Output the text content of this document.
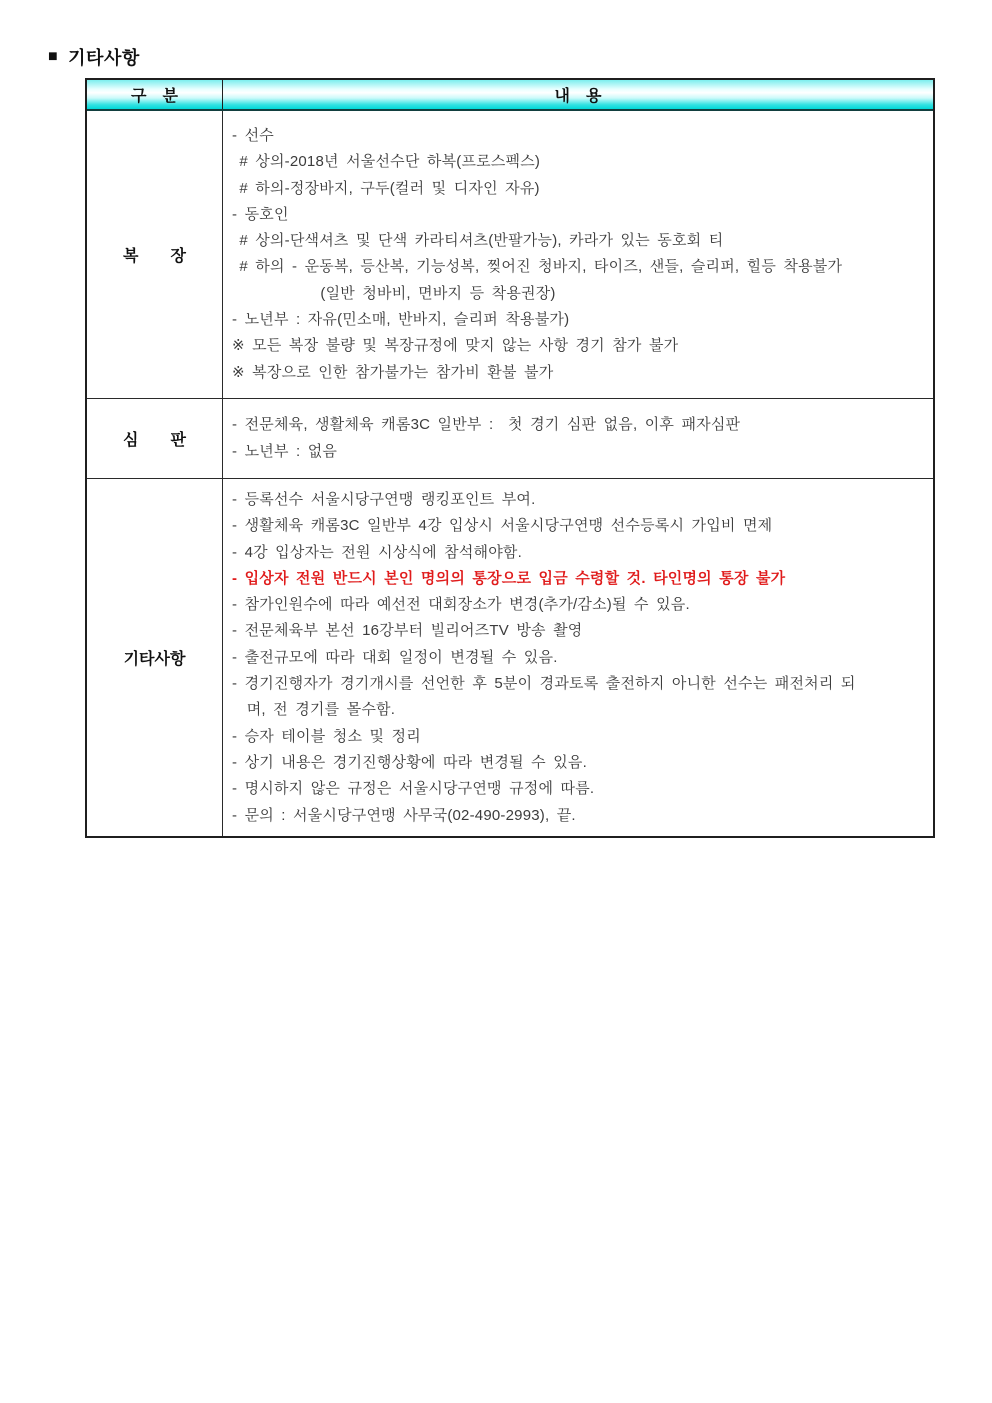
■ 기타사항
구　분	내　용
복　　장
- 선수
# 상의-2018년 서울선수단 하복(프로스펙스)
# 하의-정장바지, 구두(컬러 및 디자인 자유)
- 동호인
# 상의-단색셔츠 및 단색 카라티셔츠(반팔가능), 카라가 있는 동호회 티
# 하의 - 운동복, 등산복, 기능성복, 찢어진 청바지, 타이즈, 샌들, 슬리퍼, 힐등 착용불가
(일반 청바비, 면바지 등 착용권장)
- 노년부 : 자유(민소매, 반바지, 슬리퍼 착용불가)
※ 모든 복장 불량 및 복장규정에 맞지 않는 사항 경기 참가 불가
※ 복장으로 인한 참가불가는 참가비 환불 불가
심　　판
- 전문체육, 생활체육 캐롬3C 일반부 :  첫 경기 심판 없음, 이후 패자심판
- 노년부 : 없음
기타사항
- 등록선수 서울시당구연맹 랭킹포인트 부여.
- 생활체육 캐롬3C 일반부 4강 입상시 서울시당구연맹 선수등록시 가입비 면제
- 4강 입상자는 전원 시상식에 참석해야함.
- 입상자 전원 반드시 본인 명의의 통장으로 입금 수령할 것. 타인명의 통장 불가
- 참가인원수에 따라 예선전 대회장소가 변경(추가/감소)될 수 있음.
- 전문체육부 본선 16강부터 빌리어즈TV 방송 촬영
- 출전규모에 따라 대회 일정이 변경될 수 있음.
- 경기진행자가 경기개시를 선언한 후 5분이 경과토록 출전하지 아니한 선수는 패전처리 되
며, 전 경기를 몰수함.
- 승자 테이블 청소 및 정리
- 상기 내용은 경기진행상황에 따라 변경될 수 있음.
- 명시하지 않은 규정은 서울시당구연맹 규정에 따름.
- 문의 : 서울시당구연맹 사무국(02-490-2993), 끝.
